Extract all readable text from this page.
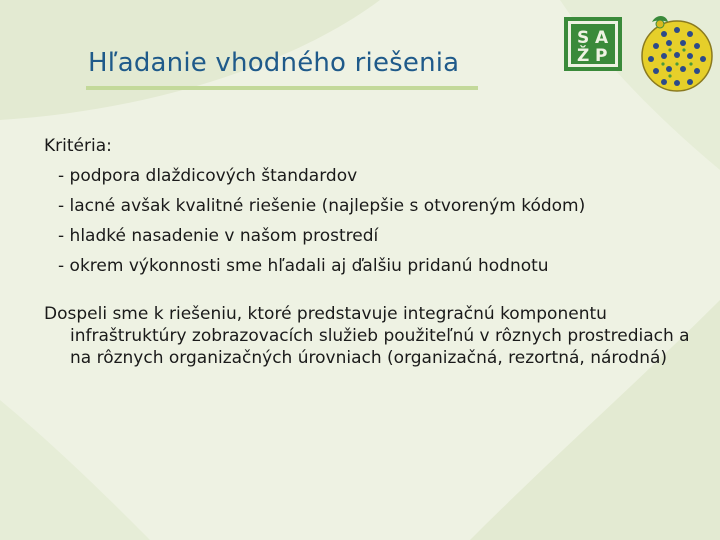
Hľadanie vhodného riešenia
S A
Ž P

Kritéria:

- podpora dlaždicových štandardov

- lacné avšak kvalitné riešenie (najlepšie s otvoreným kódom)

- hladké nasadenie v našom prostredí

- okrem výkonnosti sme hľadali aj ďalšiu pridanú hodnotu

Dospeli sme k riešeniu, ktoré predstavuje integračnú komponentu infraštruktúry zobrazovacích služieb použiteľnú v rôznych prostrediach a na rôznych organizačných úrovniach (organizačná, rezortná, národná)
